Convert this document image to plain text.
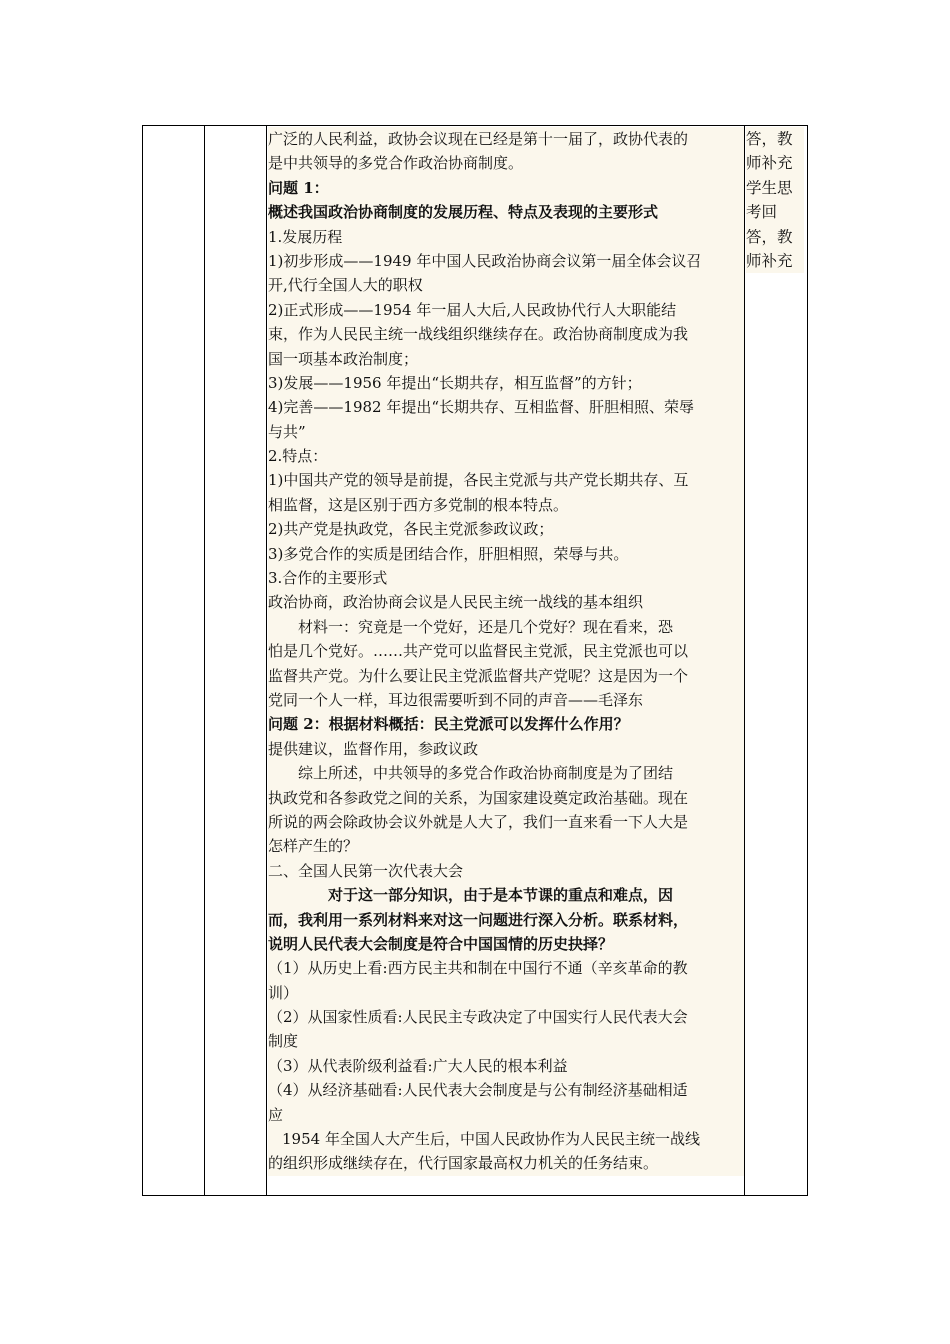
广泛的人民利益，政协会议现在已经是第十一届了，政协代表的
是中共领导的多党合作政治协商制度。
问题 1：
概述我国政治协商制度的发展历程、特点及表现的主要形式
1.发展历程
1)初步形成——1949 年中国人民政治协商会议第一届全体会议召
开,代行全国人大的职权
2)正式形成——1954 年一届人大后,人民政协代行人大职能结
束，作为人民民主统一战线组织继续存在。政治协商制度成为我
国一项基本政治制度；
3)发展——1956 年提出“长期共存，相互监督”的方针；
4)完善——1982 年提出“长期共存、互相监督、肝胆相照、荣辱
与共”
2.特点：
1)中国共产党的领导是前提，各民主党派与共产党长期共存、互
相监督，这是区别于西方多党制的根本特点。
2)共产党是执政党，各民主党派参政议政；
3)多党合作的实质是团结合作，肝胆相照，荣辱与共。
3.合作的主要形式
政治协商，政治协商会议是人民民主统一战线的基本组织
材料一：究竟是一个党好，还是几个党好？现在看来，恐
怕是几个党好。……共产党可以监督民主党派，民主党派也可以
监督共产党。为什么要让民主党派监督共产党呢？这是因为一个
党同一个人一样，耳边很需要听到不同的声音——毛泽东
问题 2：根据材料概括：民主党派可以发挥什么作用？
提供建议，监督作用，参政议政
综上所述，中共领导的多党合作政治协商制度是为了团结
执政党和各参政党之间的关系，为国家建设奠定政治基础。现在
所说的两会除政协会议外就是人大了，我们一直来看一下人大是
怎样产生的？
二、全国人民第一次代表大会
对于这一部分知识，由于是本节课的重点和难点，因
而，我利用一系列材料来对这一问题进行深入分析。联系材料，
说明人民代表大会制度是符合中国国情的历史抉择？
（1）从历史上看:西方民主共和制在中国行不通（辛亥革命的教
训）
（2）从国家性质看:人民民主专政决定了中国实行人民代表大会
制度
（3）从代表阶级利益看:广大人民的根本利益
（4）从经济基础看:人民代表大会制度是与公有制经济基础相适
应
1954 年全国人大产生后，中国人民政协作为人民民主统一战线
的组织形成继续存在，代行国家最高权力机关的任务结束。
答，教
师补充
学生思
考回
答，教
师补充
